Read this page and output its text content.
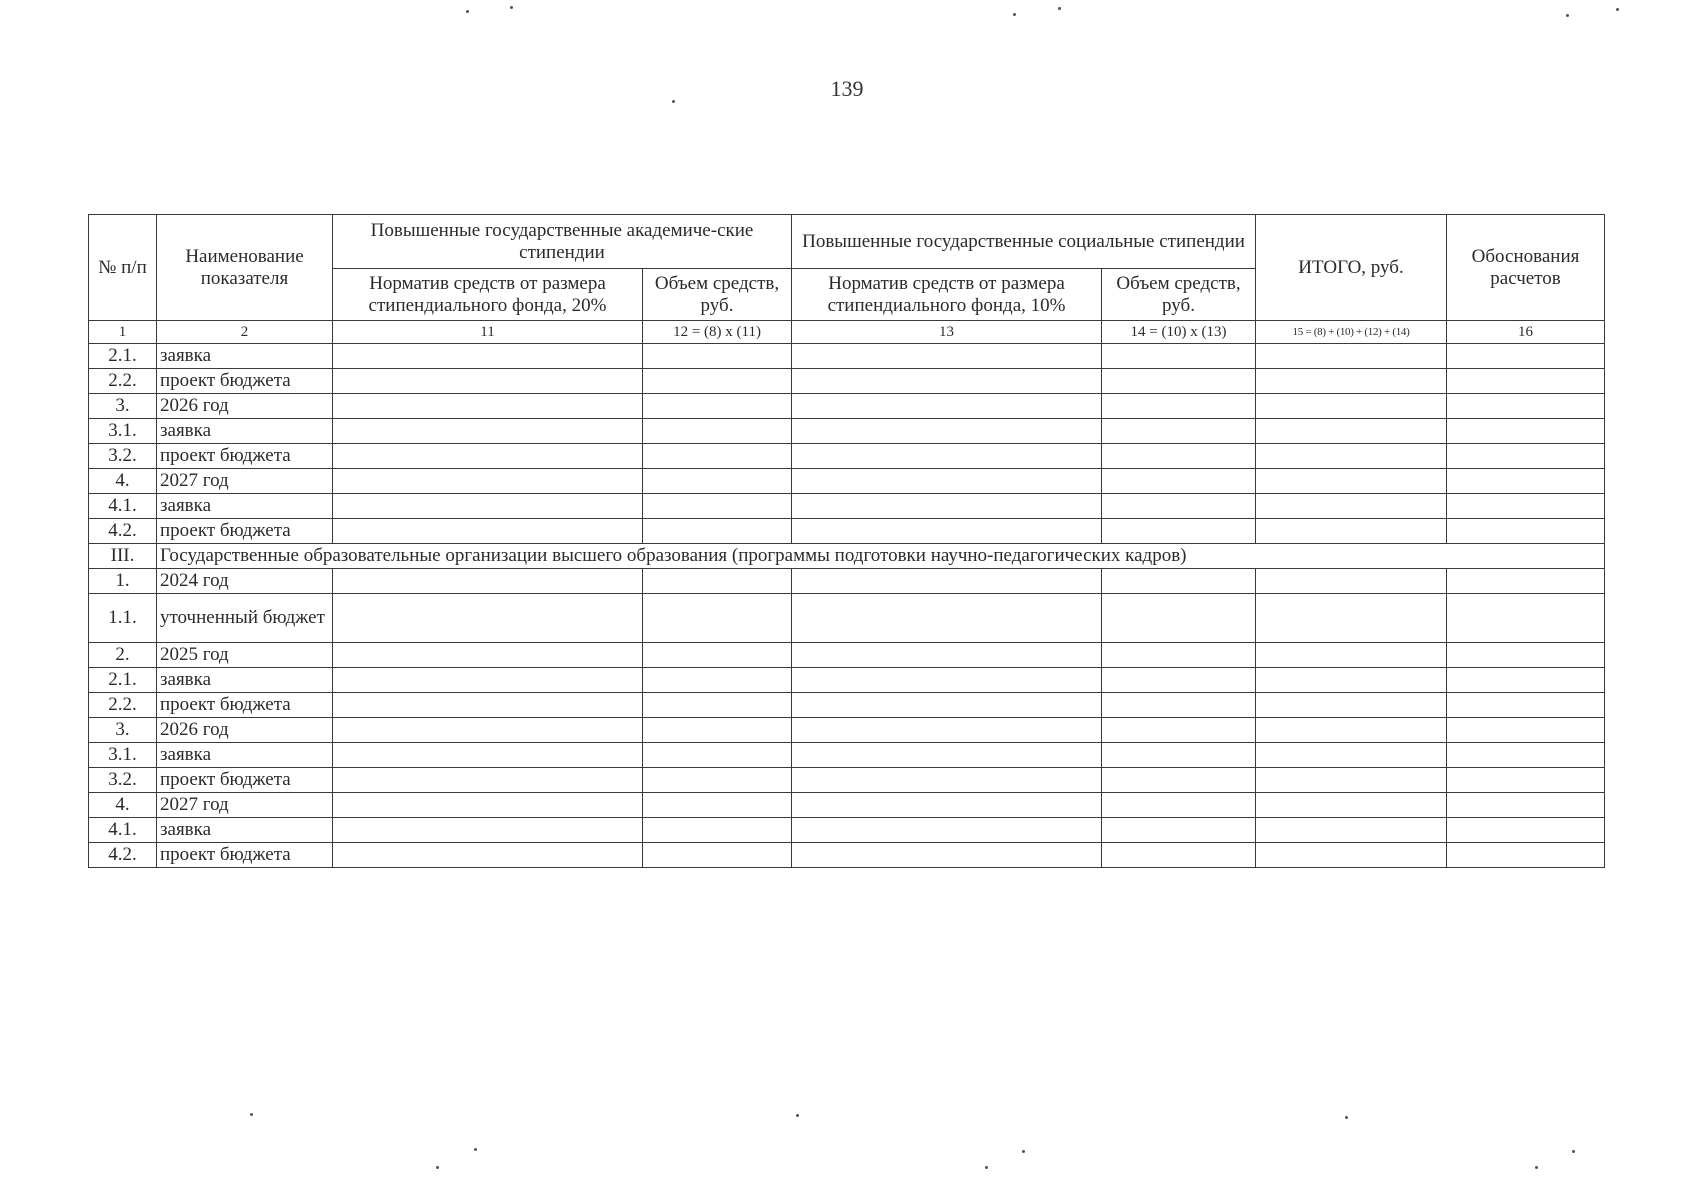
139
№ п/п	Наименование показателя	Повышенные государственные академиче-ские стипендии		Повышенные государственные социальные стипендии		ИТОГО, руб.	Обоснования расчетов
		Норматив средств от размера стипендиального фонда, 20%	Объем средств, руб.	Норматив средств от размера стипендиального фонда, 10%	Объем средств, руб.		
1	2	11	12 = (8) x (11)	13	14 = (10) x (13)	15 = (8) + (10) + (12) + (14)	16
2.1.	заявка						
2.2.	проект бюджета						
3.	2026 год						
3.1.	заявка						
3.2.	проект бюджета						
4.	2027 год						
4.1.	заявка						
4.2.	проект бюджета						
III.	Государственные образовательные организации высшего образования (программы подготовки научно-педагогических кадров)						
1.	2024 год						
1.1.	уточненный бюджет						
2.	2025 год						
2.1.	заявка						
2.2.	проект бюджета						
3.	2026 год						
3.1.	заявка						
3.2.	проект бюджета						
4.	2027 год						
4.1.	заявка						
4.2.	проект бюджета						
